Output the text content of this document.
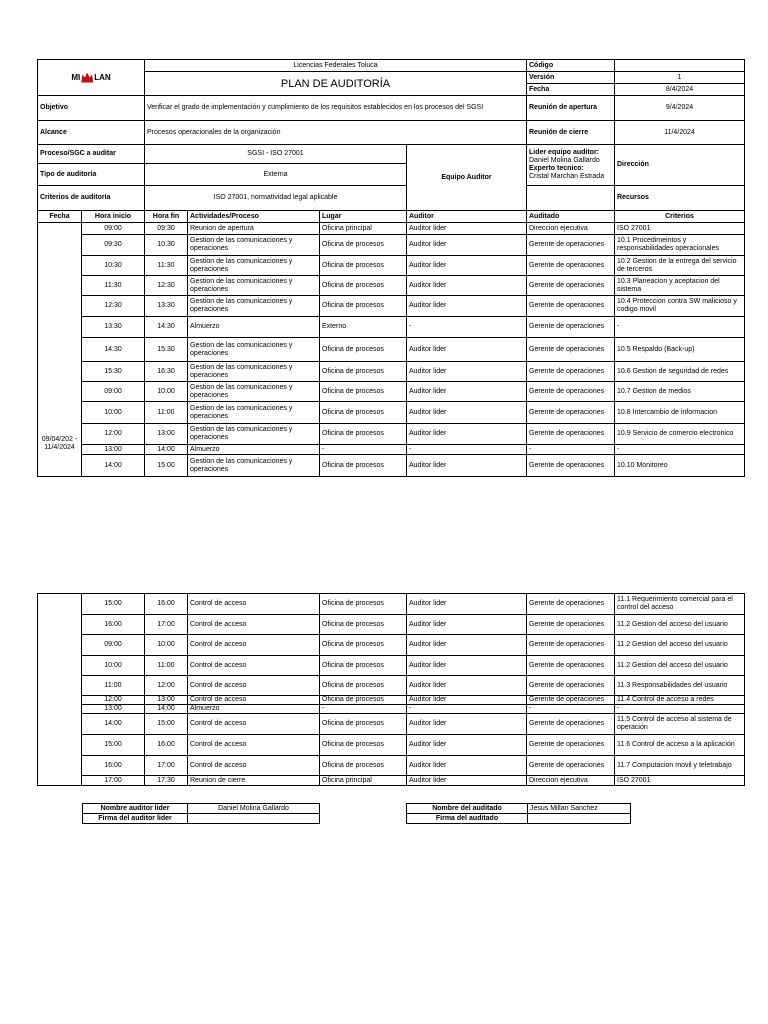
MI LAN		Licencias Federales Toluca				Código		
		PLAN DE AUDITORÍA				Versión	1	
						Fecha	8/4/2024	
Objetivo		Verificar el grado de implementación y cumplimiento de los requisitos establecidos en los procesos del SGSI				Reunión de apertura	9/4/2024	
Alcance		Procesos operacionales de la organización				Reunión de cierre	11/4/2024	
Proceso/SGC a auditar		SGSI - ISO 27001			Equipo Auditor	Lider equipo auditor:
Daniel Molina Gallardo
Experto tecnico:
Cristal Marchan Estrada	Dirección	
Tipo de auditoría		Externa						
Criterios de auditoría		ISO 27001, normatividad legal aplicable					Recursos	
Fecha	Hora inicio	Hora fin	Actividades/Proceso	Lugar	Auditor	Auditado	Criterios	
09/04/202 - 11/4/2024	09:00	09:30	Reunion de apertura	Oficina principal	Auditor lider	Direccion ejecutiva	ISO 27001	
	09:30	10:30	Gestion de las comunicaciones y operaciones	Oficina de procesos	Auditor lider	Gerente de operaciones	10.1 Procedimeintos y responsabilidades operacionales	
	10:30	11:30	Gestion de las comunicaciones y operaciones	Oficina de procesos	Auditor lider	Gerente de operaciones	10.2 Gestion de la entrega del servicio de terceros	
	11:30	12:30	Gestion de las comunicaciones y operaciones	Oficina de procesos	Auditor lider	Gerente de operaciones	10.3 Planeacion y aceptacion del sistema	
	12:30	13:30	Gestion de las comunicaciones y operaciones	Oficina de procesos	Auditor lider	Gerente de operaciones	10.4 Proteccion contra SW malicioso y codigo movil	
	13:30	14:30	Almuerzo	Externo	-	Gerente de operaciones	-	
	14:30	15:30	Gestion de las comunicaciones y operaciones	Oficina de procesos	Auditor lider	Gerente de operaciones	10.5 Respaldo (Back-up)	
	15:30	16:30	Gestion de las comunicaciones y operaciones	Oficina de procesos	Auditor lider	Gerente de operaciones	10.6 Gestion de seguridad de redes	
	09:00	10:00	Gestion de las comunicaciones y operaciones	Oficina de procesos	Auditor lider	Gerente de operaciones	10.7 Gestion de medios	
	10:00	11:00	Gestion de las comunicaciones y operaciones	Oficina de procesos	Auditor lider	Gerente de operaciones	10.8 Intercambio de informacion	
	12:00	13:00	Gestion de las comunicaciones y operaciones	Oficina de procesos	Auditor lider	Gerente de operaciones	10.9 Servicio de comercio electronico	
	13:00	14:00	Almuerzo	-	-	-	-	
	14:00	15:00	Gestion de las comunicaciones y operaciones	Oficina de procesos	Auditor lider	Gerente de operaciones	10.10 Monitoreo	
	15:00	16:00	Control de acceso	Oficina de procesos	Auditor lider	Gerente de operaciones	11.1 Requerimiento comercial para el control del acceso
	16:00	17:00	Control de acceso	Oficina de procesos	Auditor lider	Gerente de operaciones	11.2 Gestion del acceso del usuario
	09:00	10:00	Control de acceso	Oficina de procesos	Auditor lider	Gerente de operaciones	11.2 Gestion del acceso del usuario
	10:00	11:00	Control de acceso	Oficina de procesos	Auditor lider	Gerente de operaciones	11.2 Gestion del acceso del usuario
	11:00	12:00	Control de acceso	Oficina de procesos	Auditor lider	Gerente de operaciones	11.3 Responsabilidades del usuario
	12:00	13:00	Control de acceso	Oficina de procesos	Auditor lider	Gerente de operaciones	11.4 Control de acceso a redes
	13:00	14:00	Almuerzo	-	-	-	-
	14:00	15:00	Control de acceso	Oficina de procesos	Auditor lider	Gerente de operaciones	11.5 Control de acceso al sistema de operación
	15:00	16:00	Control de acceso	Oficina de procesos	Auditor lider	Gerente de operaciones	11.6 Control de acceso a la aplicación
	16:00	17:00	Control de acceso	Oficina de procesos	Auditor lider	Gerente de operaciones	11.7 Computacion movil y teletrabajo
	17:00	17:30	Reunion de cierre	Oficina principal	Auditor lider	Direccion ejecutiva	ISO 27001
Nombre auditor lider	Daniel Molina Gallardo
Firma del auditor lider	
Nombre del auditado	Jesus Millan Sanchez
Firma del auditado	
